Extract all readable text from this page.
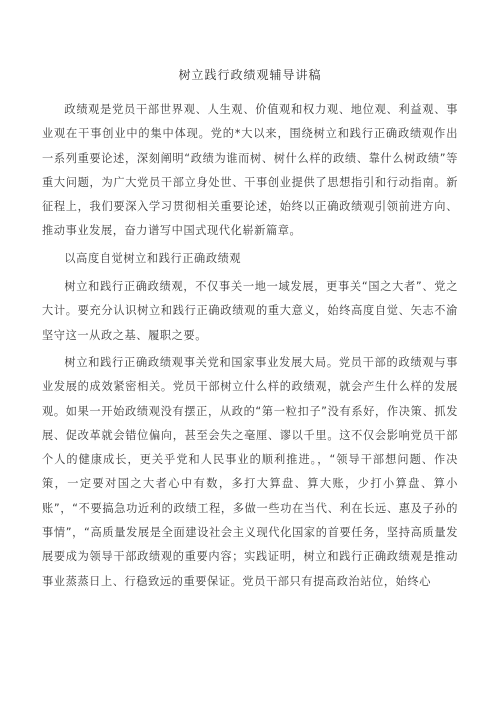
树立践行政绩观辅导讲稿

政绩观是党员干部世界观、人生观、价值观和权力观、地位观、利益观、事业观在干事创业中的集中体现。党的*大以来，围绕树立和践行正确政绩观作出一系列重要论述，深刻阐明“政绩为谁而树、树什么样的政绩、靠什么树政绩”等重大问题，为广大党员干部立身处世、干事创业提供了思想指引和行动指南。新征程上，我们要深入学习贯彻相关重要论述，始终以正确政绩观引领前进方向、推动事业发展，奋力谱写中国式现代化崭新篇章。

以高度自觉树立和践行正确政绩观

树立和践行正确政绩观，不仅事关一地一域发展，更事关“国之大者”、党之大计。要充分认识树立和践行正确政绩观的重大意义，始终高度自觉、矢志不渝坚守这一从政之基、履职之要。

树立和践行正确政绩观事关党和国家事业发展大局。党员干部的政绩观与事业发展的成效紧密相关。党员干部树立什么样的政绩观，就会产生什么样的发展观。如果一开始政绩观没有摆正，从政的“第一粒扣子”没有系好，作决策、抓发展、促改革就会错位偏向，甚至会失之毫厘、谬以千里。这不仅会影响党员干部个人的健康成长，更关乎党和人民事业的顺利推进。，“领导干部想问题、作决策，一定要对国之大者心中有数，多打大算盘、算大账，少打小算盘、算小账”，“不要搞急功近利的政绩工程，多做一些功在当代、利在长远、惠及子孙的事情”，“高质量发展是全面建设社会主义现代化国家的首要任务，坚持高质量发展要成为领导干部政绩观的重要内容；实践证明，树立和践行正确政绩观是推动事业蒸蒸日上、行稳致远的重要保证。党员干部只有提高政治站位，始终心
